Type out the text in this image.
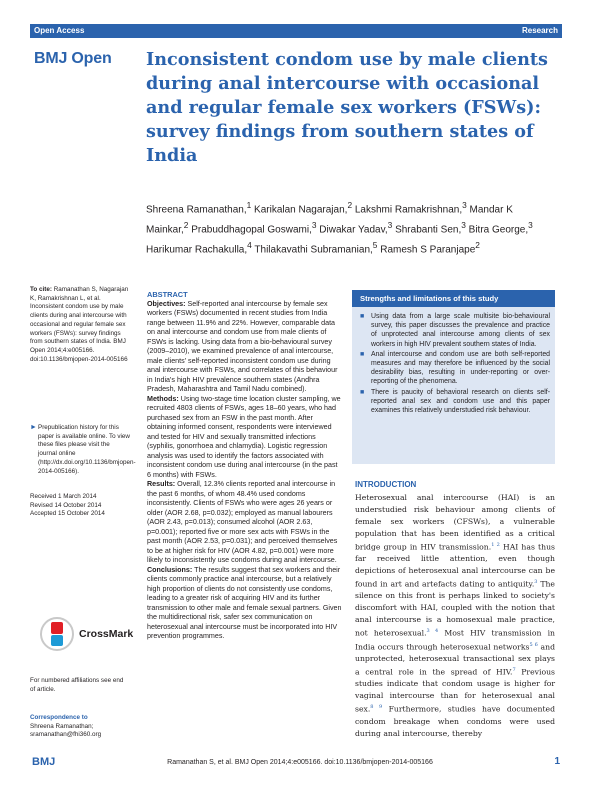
Open Access	Research
BMJ Open Inconsistent condom use by male clients during anal intercourse with occasional and regular female sex workers (FSWs): survey findings from southern states of India
Shreena Ramanathan,$^1$ Karikalan Nagarajan,$^2$ Lakshmi Ramakrishnan,$^3$ Mandar K Mainkar,$^2$ Prabuddhagopal Goswami,$^3$ Diwakar Yadav,$^3$ Shrabanti Sen,$^3$ Bitra George,$^3$ Harikumar Rachakulla,$^4$ Thilakavathi Subramanian,$^5$ Ramesh S Paranjape$^2$
To cite: Ramanathan S, Nagarajan K, Ramakrishnan L, et al. Inconsistent condom use by male clients during anal intercourse with occasional and regular female sex workers (FSWs): survey findings from southern states of India. BMJ Open 2014;4:e005166. doi:10.1136/bmjopen-2014-005166
► Prepublication history for this paper is available online. To view these files please visit the journal online (http://dx.doi.org/10.1136/bmjopen-2014-005166).
Received 1 March 2014
Revised 14 October 2014
Accepted 15 October 2014
CrossMark
For numbered affiliations see end of article.
Correspondence to
Shreena Ramanathan;
sramanathan@fhi360.org
ABSTRACT

Objectives: Self-reported anal intercourse by female sex workers (FSWs) documented in recent studies from India range between 11.9% and 22%. However, comparable data on anal intercourse and condom use from male clients of FSWs is lacking. Using data from a bio-behavioural survey (2009–2010), we examined prevalence of anal intercourse, male clients' self-reported inconsistent condom use during anal intercourse with FSWs, and correlates of this behaviour in India's high HIV prevalence southern states (Andhra Pradesh, Maharashtra and Tamil Nadu combined).

Methods: Using two-stage time location cluster sampling, we recruited 4803 clients of FSWs, ages 18–60 years, who had purchased sex from an FSW in the past month. After obtaining informed consent, respondents were interviewed and tested for HIV and sexually transmitted infections (syphilis, gonorrhoea and chlamydia). Logistic regression analysis was used to identify the factors associated with inconsistent condom use during anal intercourse (in the past 6 months) with FSWs.

Results: Overall, 12.3% clients reported anal intercourse in the past 6 months, of whom 48.4% used condoms inconsistently. Clients of FSWs who were ages 26 years or older (AOR 2.68, p=0.032); employed as manual labourers (AOR 2.43, p=0.013); consumed alcohol (AOR 2.63, p=0.001); reported five or more sex acts with FSWs in the past month (AOR 2.53, p=0.031); and perceived themselves to be at higher risk for HIV (AOR 4.82, p=0.001) were more likely to inconsistently use condoms during anal intercourse.

Conclusions: The results suggest that sex workers and their clients commonly practice anal intercourse, but a relatively high proportion of clients do not consistently use condoms, leading to a greater risk of acquiring HIV and its further transmission to other male and female sexual partners. Given the multidirectional risk, safer sex communication on heterosexual anal intercourse must be incorporated into HIV prevention programmes.

Strengths and limitations of this study
■ Using data from a large scale multisite bio-behavioural survey, this paper discusses the prevalence and practice of unprotected anal intercourse among clients of sex workers in high HIV prevalent southern states of India.
■ Anal intercourse and condom use are both self-reported measures and may therefore be influenced by the social desirability bias, resulting in under-reporting or over-reporting of the phenomena.
■ There is paucity of behavioral research on clients self-reported anal sex and condom use and this paper examines this relatively understudied risk behaviour.
INTRODUCTION
Heterosexual anal intercourse (HAI) is an understudied risk behaviour among clients of female sex workers (CFSWs), a vulnerable population that has been identified as a critical bridge group in HIV transmission.$^{1 2}$ HAI has thus far received little attention, even though depictions of heterosexual anal intercourse can be found in art and artefacts dating to antiquity.$^3$ The silence on this front is perhaps linked to society's discomfort with HAI, coupled with the notion that anal intercourse is a homosexual male practice, not heterosexual.$^{3 4}$ Most HIV transmission in India occurs through heterosexual networks$^{5 6}$ and unprotected, heterosexual transactional sex plays a central role in the spread of HIV.$^7$ Previous studies indicate that condom usage is higher for vaginal intercourse than for heterosexual anal sex.$^{8 9}$ Furthermore, studies have documented condom breakage when condoms were used during anal intercourse, thereby
BMJ	Ramanathan S, et al. BMJ Open 2014;4:e005166. doi:10.1136/bmjopen-2014-005166	1
